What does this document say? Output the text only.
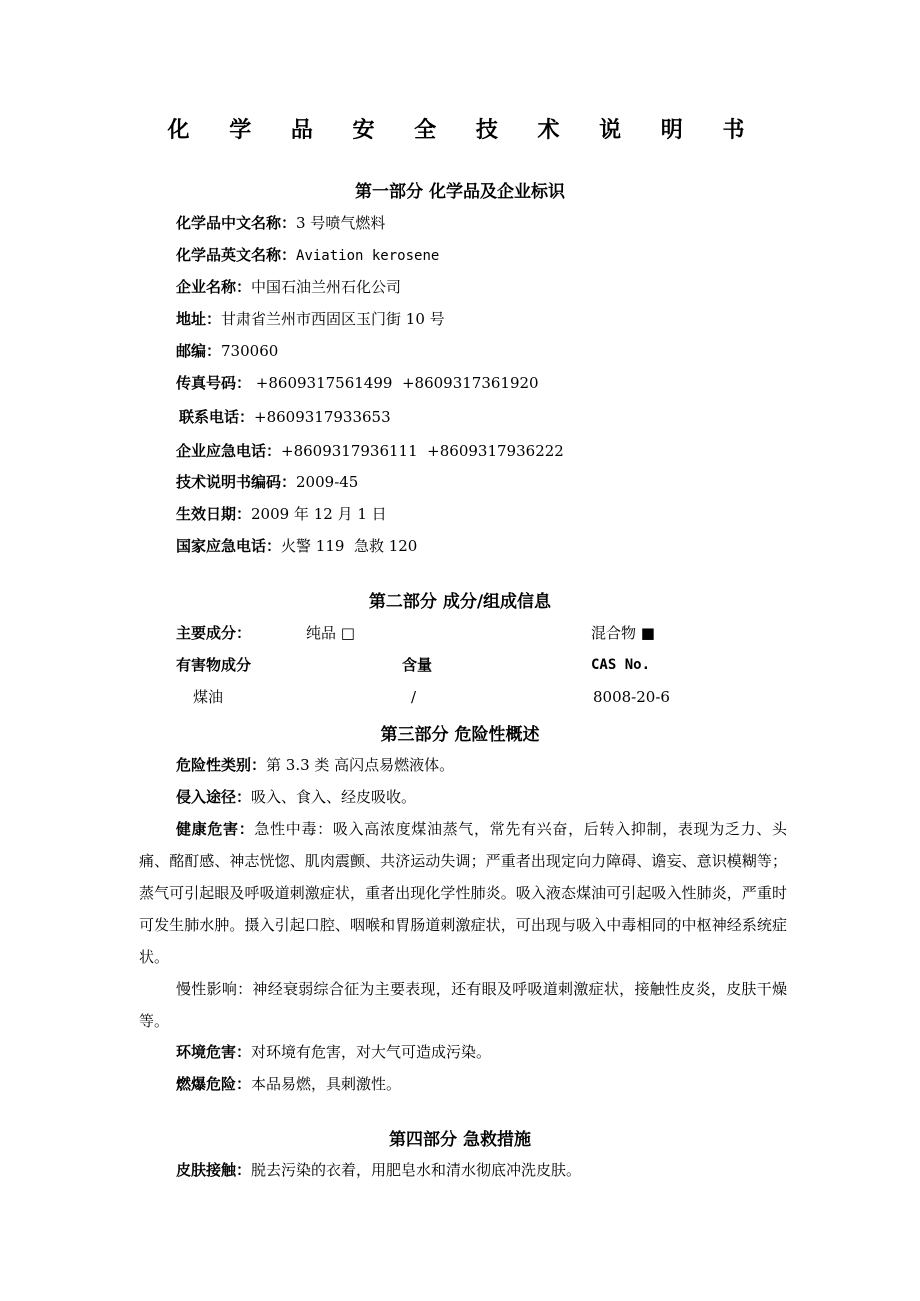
化 学 品 安 全 技 术 说 明 书
第一部分 化学品及企业标识
化学品中文名称：3 号喷气燃料
化学品英文名称：Aviation kerosene
企业名称：中国石油兰州石化公司
地址：甘肃省兰州市西固区玉门街 10 号
邮编：730060
传真号码： +8609317561499  +8609317361920
联系电话：+8609317933653
企业应急电话：+8609317936111  +8609317936222
技术说明书编码：2009-45
生效日期：2009 年 12 月 1 日
国家应急电话：火警 119  急救 120
第二部分 成分/组成信息
主要成分：	纯品 □	混合物 ■
有害物成分	含量	CAS No.
煤油	/	8008-20-6
第三部分 危险性概述
危险性类别：第 3.3 类 高闪点易燃液体。
侵入途径：吸入、食入、经皮吸收。
健康危害：急性中毒：吸入高浓度煤油蒸气，常先有兴奋，后转入抑制，表现为乏力、头痛、酩酊感、神志恍惚、肌肉震颤、共济运动失调；严重者出现定向力障碍、谵妄、意识模糊等；蒸气可引起眼及呼吸道刺激症状，重者出现化学性肺炎。吸入液态煤油可引起吸入性肺炎，严重时可发生肺水肿。摄入引起口腔、咽喉和胃肠道刺激症状，可出现与吸入中毒相同的中枢神经系统症状。
慢性影响：神经衰弱综合征为主要表现，还有眼及呼吸道刺激症状，接触性皮炎，皮肤干燥等。
环境危害：对环境有危害，对大气可造成污染。
燃爆危险：本品易燃，具刺激性。
第四部分 急救措施
皮肤接触：脱去污染的衣着，用肥皂水和清水彻底冲洗皮肤。
